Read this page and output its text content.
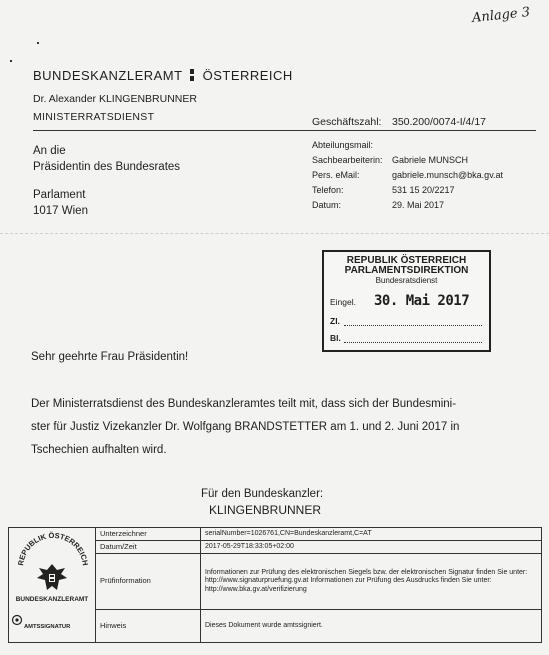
Anlage 3
BUNDESKANZLERAMT ÖSTERREICH
Dr. Alexander KLINGENBRUNNER
MINISTERRATSDIENST	Geschäftszahl: 350.200/0074-I/4/17
An die
Präsidentin des Bundesrates
Parlament
1017 Wien
Abteilungsmail:
Sachbearbeiterin: Gabriele MUNSCH
Pers. eMail:	gabriele.munsch@bka.gv.at
Telefon:	531 15 20/2217
Datum:	29. Mai 2017
REPUBLIK ÖSTERREICH
PARLAMENTSDIREKTION
Bundesratsdienst
Eingel. 30. Mai 2017
Zl.
Bl.
Sehr geehrte Frau Präsidentin!
Der Ministerratsdienst des Bundeskanzleramtes teilt mit, dass sich der Bundesmini-
ster für Justiz Vizekanzler Dr. Wolfgang BRANDSTETTER am 1. und 2. Juni 2017 in
Tschechien aufhalten wird.
Für den Bundeskanzler:
KLINGENBRUNNER
REPUBLIK ÖSTERREICH
BUNDESKANZLERAMT
AMTSSIGNATUR	Unterzeichner	serialNumber=1026761,CN=Bundeskanzleramt,C=AT
	Datum/Zeit	2017-05-29T18:33:05+02:00
	Prüfinformation	Informationen zur Prüfung des elektronischen Siegels bzw. der elektronischen Signatur finden Sie unter: http://www.signaturpruefung.gv.at Informationen zur Prüfung des Ausdrucks finden Sie unter: http://www.bka.gv.at/verifizierung
	Hinweis	Dieses Dokument wurde amtssigniert.
